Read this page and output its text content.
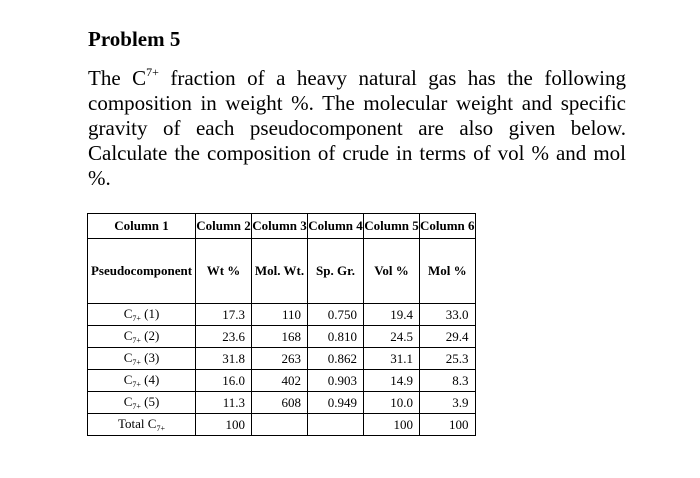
Problem 5
The $C^{7+}$ fraction of a heavy natural gas has the following composition in weight %. The molecular weight and specific gravity of each pseudocomponent are also given below. Calculate the composition of crude in terms of vol % and mol %.
Column 1	Column 2	Column 3	Column 4	Column 5	Column 6
Pseudocomponent	Wt %	Mol. Wt.	Sp. Gr.	Vol %	Mol %
$C_{7+}$ (1)	17.3	110	0.750	19.4	33.0
$C_{7+}$ (2)	23.6	168	0.810	24.5	29.4
$C_{7+}$ (3)	31.8	263	0.862	31.1	25.3
$C_{7+}$ (4)	16.0	402	0.903	14.9	8.3
$C_{7+}$ (5)	11.3	608	0.949	10.0	3.9
Total $C_{7+}$	100			100	100
